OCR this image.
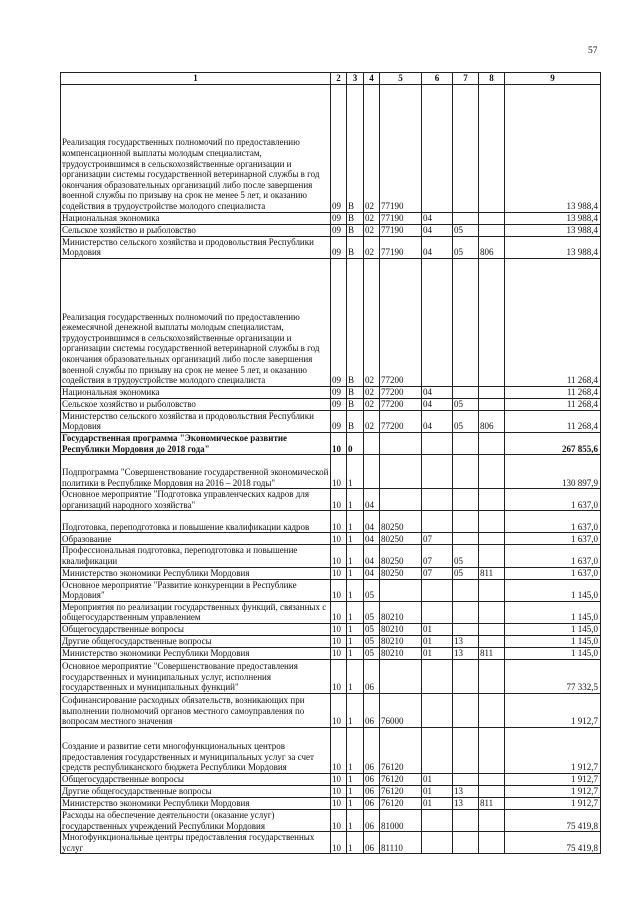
57
1	2	3	4	5	6	7	8	9
Реализация государственных полномочий по предоставлению компенсационной выплаты молодым специалистам, трудоустроившимся в сельскохозяйственные организации и организации системы государственной ветеринарной службы в год окончания образовательных организаций либо после завершения военной службы по призыву на срок не менее 5 лет, и оказанию содействия в трудоустройстве молодого специалиста	09	В	02	77190				13 988,4
Национальная экономика	09	В	02	77190	04			13 988,4
Сельское хозяйство и рыболовство	09	В	02	77190	04	05		13 988,4
Министерство сельского хозяйства и продовольствия Республики Мордовия	09	В	02	77190	04	05	806	13 988,4
Реализация государственных полномочий по предоставлению ежемесячной денежной выплаты молодым специалистам, трудоустроившимся в сельскохозяйственные организации и организации системы государственной ветеринарной службы в год окончания образовательных организаций либо после завершения военной службы по призыву на срок не менее 5 лет, и оказанию содействия в трудоустройстве молодого специалиста	09	В	02	77200				11 268,4
Национальная экономика	09	В	02	77200	04			11 268,4
Сельское хозяйство и рыболовство	09	В	02	77200	04	05		11 268,4
Министерство сельского хозяйства и продовольствия Республики Мордовия	09	В	02	77200	04	05	806	11 268,4
Государственная программа "Экономическое развитие Республики Мордовия до 2018 года"	10	0						267 855,6
Подпрограмма "Совершенствование государственной экономической политики в Республике Мордовия на 2016 – 2018 годы"	10	1						130 897,9
Основное мероприятие "Подготовка управленческих кадров для организаций народного хозяйства"	10	1	04					1 637,0
Подготовка, переподготовка и повышение квалификации кадров	10	1	04	80250				1 637,0
Образование	10	1	04	80250	07			1 637,0
Профессиональная подготовка, переподготовка и повышение квалификации	10	1	04	80250	07	05		1 637,0
Министерство экономики Республики Мордовия	10	1	04	80250	07	05	811	1 637,0
Основное мероприятие "Развитие конкуренции в Республике Мордовия"	10	1	05					1 145,0
Мероприятия по реализации государственных функций, связанных с общегосударственным управлением	10	1	05	80210				1 145,0
Общегосударственные вопросы	10	1	05	80210	01			1 145,0
Другие общегосударственные вопросы	10	1	05	80210	01	13		1 145,0
Министерство экономики Республики Мордовия	10	1	05	80210	01	13	811	1 145,0
Основное мероприятие "Совершенствование предоставления государственных и муниципальных услуг, исполнения государственных и муниципальных функций"	10	1	06					77 332,5
Софинансирование расходных обязательств, возникающих при выполнении полномочий органов местного самоуправления по вопросам местного значения	10	1	06	76000				1 912,7
Создание и развитие сети многофункциональных центров предоставления государственных и муниципальных услуг за счет средств республиканского бюджета Республики Мордовия	10	1	06	76120				1 912,7
Общегосударственные вопросы	10	1	06	76120	01			1 912,7
Другие общегосударственные вопросы	10	1	06	76120	01	13		1 912,7
Министерство экономики Республики Мордовия	10	1	06	76120	01	13	811	1 912,7
Расходы на обеспечение деятельности (оказание услуг) государственных учреждений Республики Мордовия	10	1	06	81000				75 419,8
Многофункциональные центры предоставления государственных услуг	10	1	06	81110				75 419,8
